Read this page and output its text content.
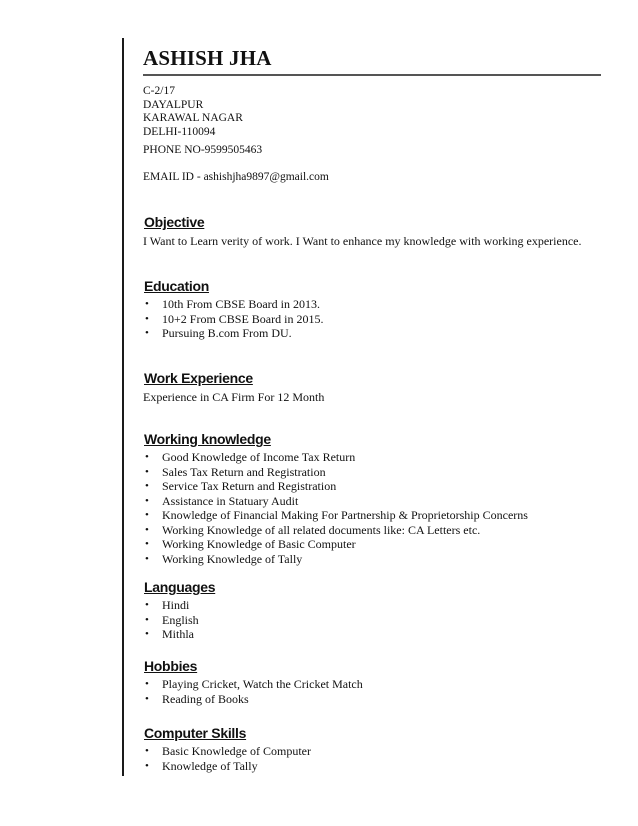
ASHISH JHA
C-2/17
DAYALPUR
KARAWAL NAGAR
DELHI-110094
PHONE NO-9599505463
EMAIL ID - ashishjha9897@gmail.com
Objective
I Want to Learn verity of work. I Want to enhance my knowledge with working experience.
Education
• 10th From CBSE Board in 2013.
• 10+2 From CBSE Board in 2015.
• Pursuing B.com From DU.
Work Experience
Experience in CA Firm For 12 Month
Working knowledge
• Good Knowledge of Income Tax Return
• Sales Tax Return and Registration
• Service Tax Return and Registration
• Assistance in Statuary Audit
• Knowledge of Financial Making For Partnership & Proprietorship Concerns
• Working Knowledge of all related documents like: CA Letters etc.
• Working Knowledge of Basic Computer
• Working Knowledge of Tally
Languages
• Hindi
• English
• Mithla
Hobbies
• Playing Cricket, Watch the Cricket Match
• Reading of Books
Computer Skills
• Basic Knowledge of Computer
• Knowledge of Tally
